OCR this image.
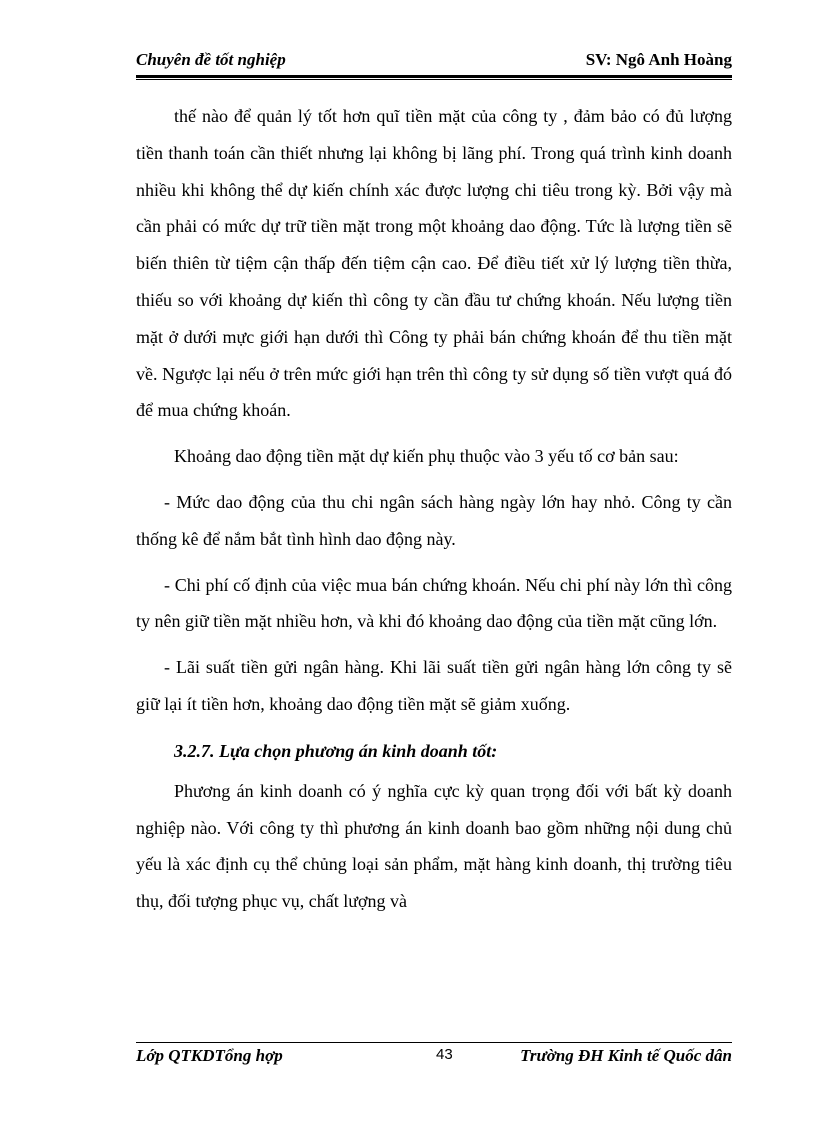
Chuyên đề tốt nghiệp	SV: Ngô Anh Hoàng

thế nào để quản lý tốt hơn quĩ tiền mặt của công ty , đảm bảo có đủ lượng tiền thanh toán cần thiết nhưng lại không bị lãng phí. Trong quá trình kinh doanh nhiều khi không thể dự kiến chính xác được lượng chi tiêu trong kỳ. Bởi vậy mà cần phải có mức dự trữ tiền mặt trong một khoảng dao động. Tức là lượng tiền sẽ biến thiên từ tiệm cận thấp đến tiệm cận cao. Để điều tiết xử lý lượng tiền thừa, thiếu so với khoảng dự kiến thì công ty cần đầu tư chứng khoán. Nếu lượng tiền mặt ở dưới mực giới hạn dưới thì Công ty phải bán chứng khoán để thu tiền mặt về. Ngược lại nếu ở trên mức giới hạn trên thì công ty sử dụng số tiền vượt quá đó để mua chứng khoán.

Khoảng dao động tiền mặt dự kiến phụ thuộc vào 3 yếu tố cơ bản sau:

- Mức dao động của thu chi ngân sách hàng ngày lớn hay nhỏ. Công ty cần thống kê để nắm bắt tình hình dao động này.

- Chi phí cố định của việc mua bán chứng khoán. Nếu chi phí này lớn thì công ty nên giữ tiền mặt nhiều hơn, và khi đó khoảng dao động của tiền mặt cũng lớn.

- Lãi suất tiền gửi ngân hàng. Khi lãi suất tiền gửi ngân hàng lớn công ty sẽ giữ lại ít tiền hơn, khoảng dao động tiền mặt sẽ giảm xuống.

3.2.7. Lựa chọn phương án kinh doanh tốt:

Phương án kinh doanh có ý nghĩa cực kỳ quan trọng đối với bất kỳ doanh nghiệp nào. Với công ty thì phương án kinh doanh bao gồm những nội dung chủ yếu là xác định cụ thể chủng loại sản phẩm, mặt hàng kinh doanh, thị trường tiêu thụ, đối tượng phục vụ, chất lượng và

Lớp QTKDTổng hợp	43	Trường ĐH Kinh tế Quốc dân
